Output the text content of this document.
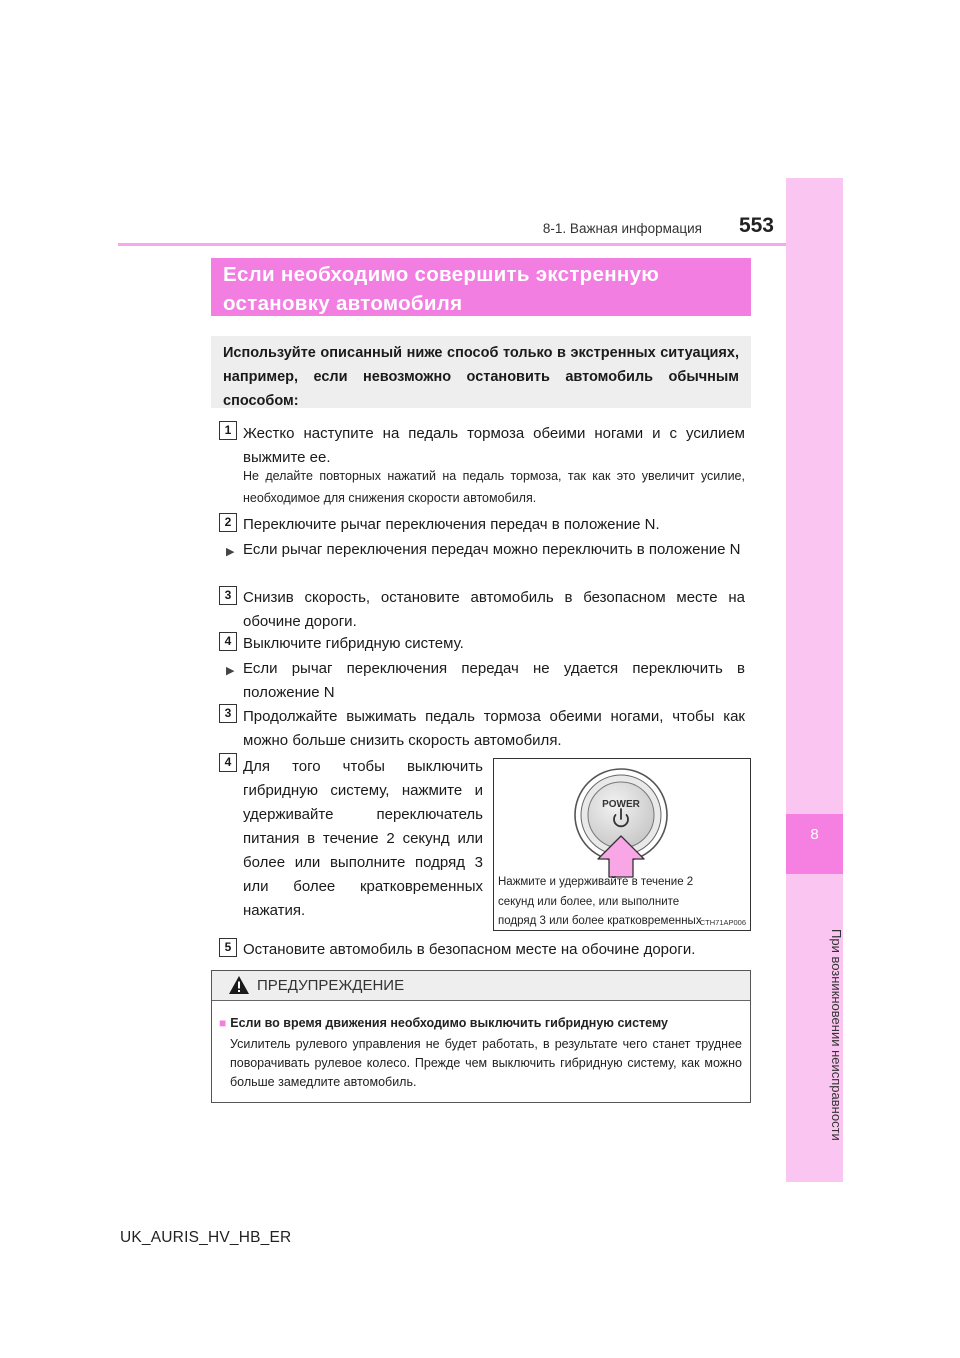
8-1. Важная информация	553
8
При возникновении неисправности
Если необходимо совершить экстренную остановку автомобиля
Используйте описанный ниже способ только в экстренных ситуациях, например, если невозможно остановить автомобиль обычным способом:
1 Жестко наступите на педаль тормоза обеими ногами и с усилием выжмите ее.
Не делайте повторных нажатий на педаль тормоза, так как это увеличит усилие, необходимое для снижения скорости автомобиля.
2 Переключите рычаг переключения передач в положение N.
▶ Если рычаг переключения передач можно переключить в положение N
3 Снизив скорость, остановите автомобиль в безопасном месте на обочине дороги.
4 Выключите гибридную систему.
▶ Если рычаг переключения передач не удается переключить в положение N
3 Продолжайте выжимать педаль тормоза обеими ногами, чтобы как можно больше снизить скорость автомобиля.
4 Для того чтобы выключить гибридную систему, нажмите и удерживайте переключатель питания в течение 2 секунд или более или выполните подряд 3 или более кратковременных нажатия.
POWER
Нажмите и удерживайте в течение 2 секунд или более, или выполните подряд 3 или более кратковременных
CTH71AP006
5 Остановите автомобиль в безопасном месте на обочине дороги.
ПРЕДУПРЕЖДЕНИЕ
■ Если во время движения необходимо выключить гибридную систему
Усилитель рулевого управления не будет работать, в результате чего станет труднее поворачивать рулевое колесо. Прежде чем выключить гибридную систему, как можно больше замедлите автомобиль.
UK_AURIS_HV_HB_ER
